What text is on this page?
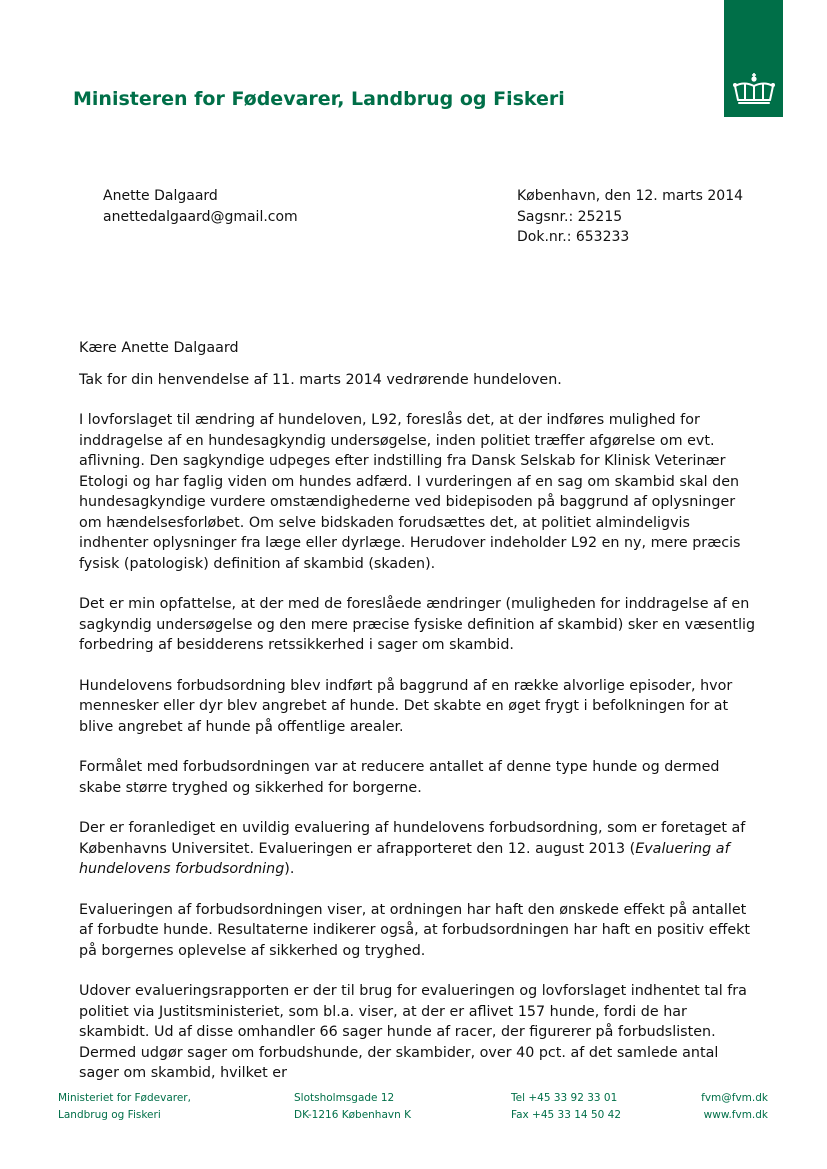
Ministeren for Fødevarer, Landbrug og Fiskeri
Anette Dalgaard
anettedalgaard@gmail.com
København, den 12. marts 2014
Sagsnr.: 25215
Dok.nr.: 653233

Kære Anette Dalgaard

Tak for din henvendelse af 11. marts 2014 vedrørende hundeloven.

I lovforslaget til ændring af hundeloven, L92, foreslås det, at der indføres mulighed for inddragelse af en hundesagkyndig undersøgelse, inden politiet træffer afgørelse om evt. aflivning. Den sagkyndige udpeges efter indstilling fra Dansk Selskab for Klinisk Veterinær Etologi og har faglig viden om hundes adfærd. I vurderingen af en sag om skambid skal den hundesagkyndige vurdere omstændighederne ved bidepisoden på baggrund af oplysninger om hændelsesforløbet. Om selve bidskaden forudsættes det, at politiet almindeligvis indhenter oplysninger fra læge eller dyrlæge. Herudover indeholder L92 en ny, mere præcis fysisk (patologisk) definition af skambid (skaden).

Det er min opfattelse, at der med de foreslåede ændringer (muligheden for inddragelse af en sagkyndig undersøgelse og den mere præcise fysiske definition af skambid) sker en væsentlig forbedring af besidderens retssikkerhed i sager om skambid.

Hundelovens forbudsordning blev indført på baggrund af en række alvorlige episoder, hvor mennesker eller dyr blev angrebet af hunde. Det skabte en øget frygt i befolkningen for at blive angrebet af hunde på offentlige arealer.

Formålet med forbudsordningen var at reducere antallet af denne type hunde og dermed skabe større tryghed og sikkerhed for borgerne.

Der er foranlediget en uvildig evaluering af hundelovens forbudsordning, som er foretaget af Københavns Universitet. Evalueringen er afrapporteret den 12. august 2013 (Evaluering af hundelovens forbudsordning).

Evalueringen af forbudsordningen viser, at ordningen har haft den ønskede effekt på antallet af forbudte hunde. Resultaterne indikerer også, at forbudsordningen har haft en positiv effekt på borgernes oplevelse af sikkerhed og tryghed.

Udover evalueringsrapporten er der til brug for evalueringen og lovforslaget indhentet tal fra politiet via Justitsministeriet, som bl.a. viser, at der er aflivet 157 hunde, fordi de har skambidt. Ud af disse omhandler 66 sager hunde af racer, der figurerer på forbudslisten. Dermed udgør sager om forbudshunde, der skambider, over 40 pct. af det samlede antal sager om skambid, hvilket er

Ministeriet for Fødevarer,
Landbrug og Fiskeri
Slotsholmsgade 12
DK-1216 København K
Tel +45 33 92 33 01
Fax +45 33 14 50 42
fvm@fvm.dk
www.fvm.dk
